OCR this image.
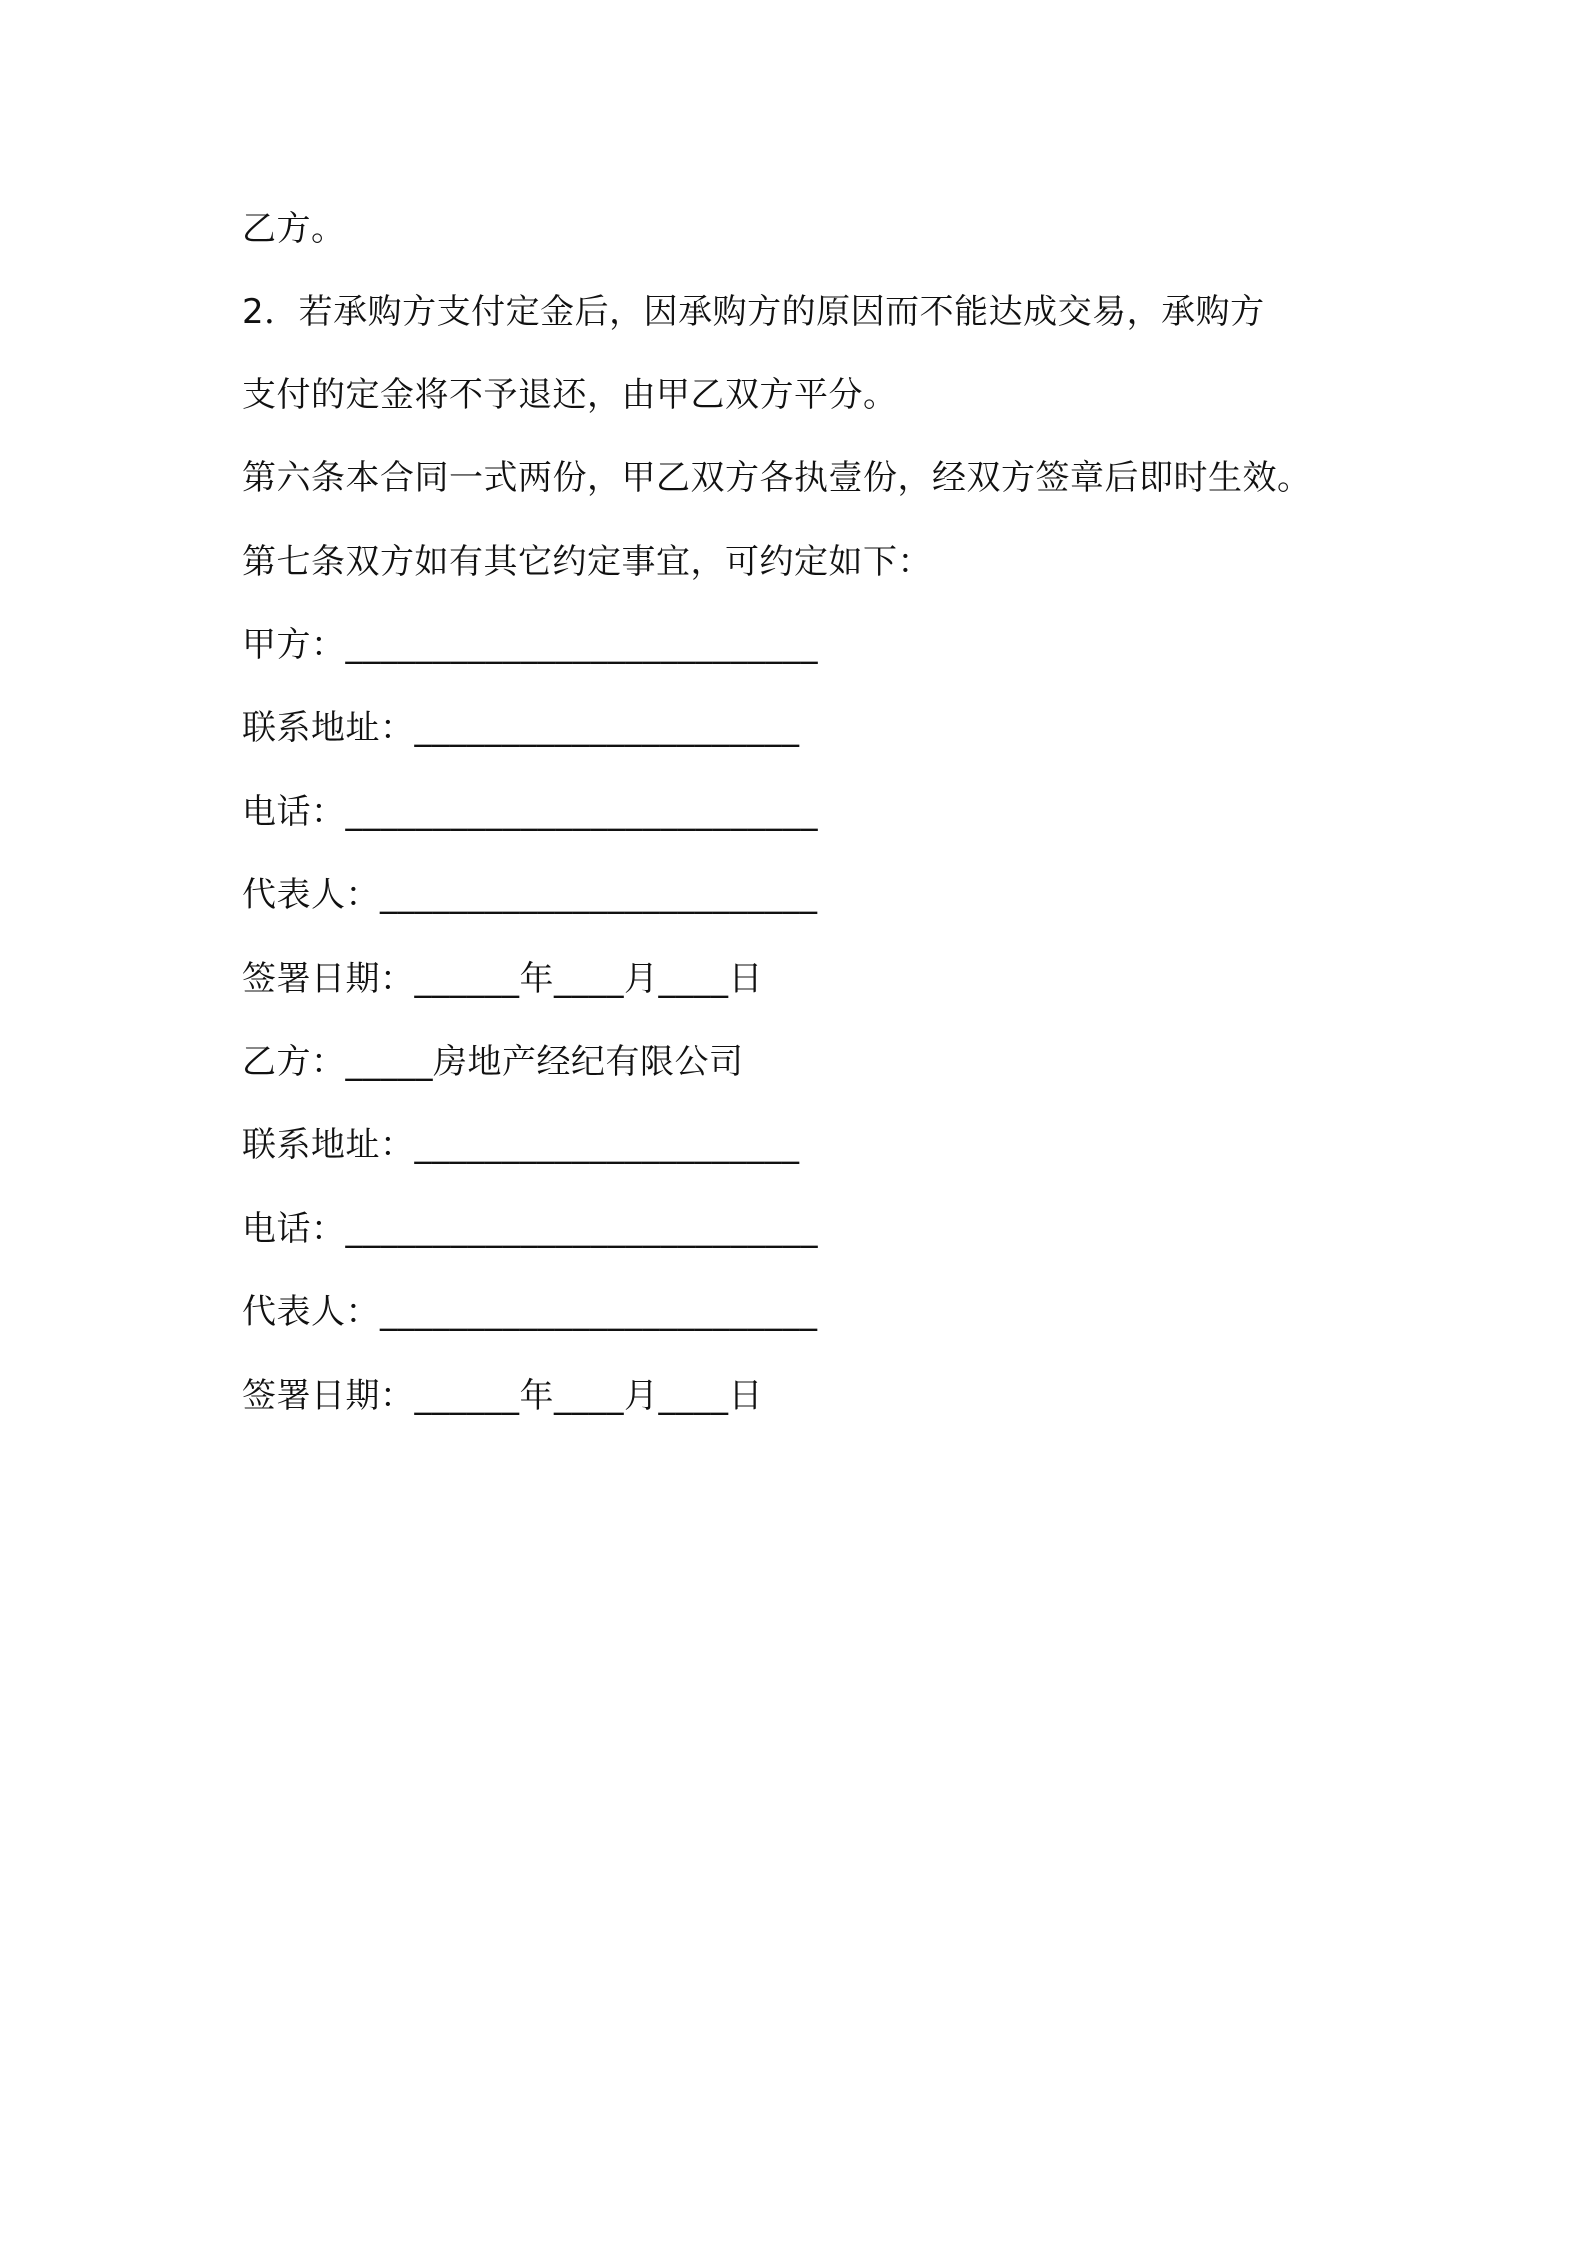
乙方。
2．若承购方支付定金后，因承购方的原因而不能达成交易，承购方
支付的定金将不予退还，由甲乙双方平分。
第六条本合同一式两份，甲乙双方各执壹份，经双方签章后即时生效。
第七条双方如有其它约定事宜，可约定如下：
甲方：___________________________
联系地址：______________________
电话：___________________________
代表人：_________________________
签署日期：______年____月____日
乙方：_____房地产经纪有限公司
联系地址：______________________
电话：___________________________
代表人：_________________________
签署日期：______年____月____日
